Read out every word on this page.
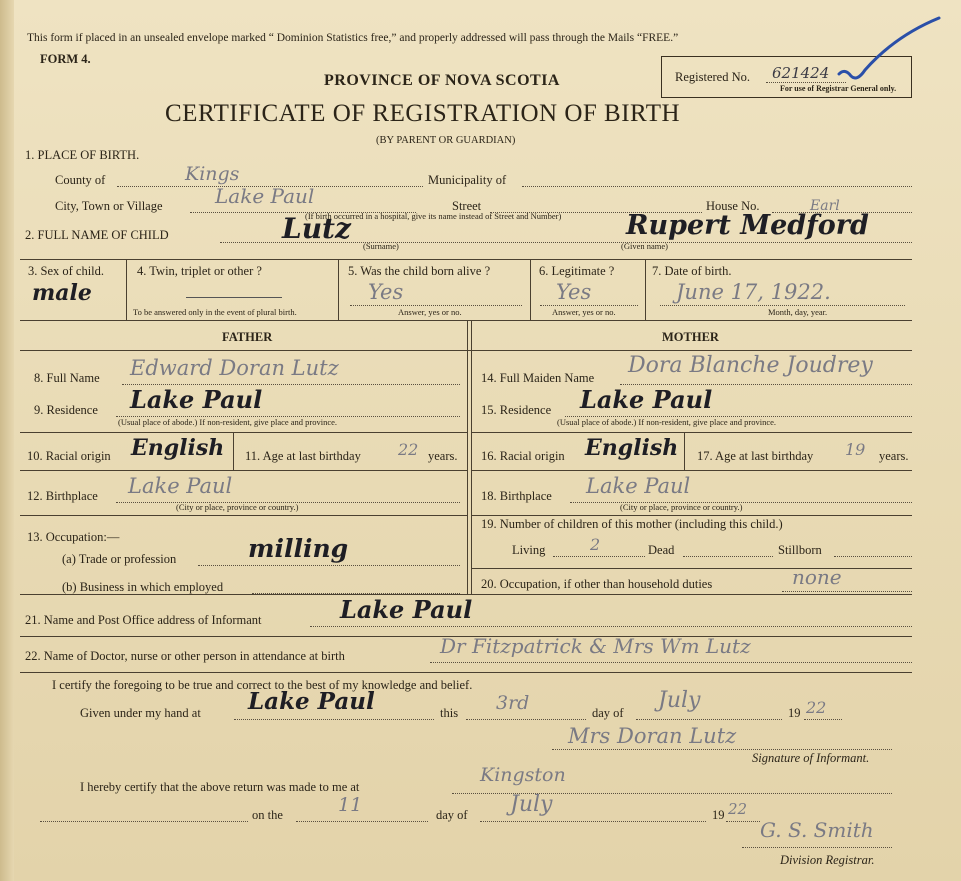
This form if placed in an unsealed envelope marked “ Dominion Statistics free,” and properly addressed will pass through the Mails “FREE.”
FORM 4.
PROVINCE OF NOVA SCOTIA
CERTIFICATE OF REGISTRATION OF BIRTH
(BY PARENT OR GUARDIAN)
Registered No. 621424
For use of Registrar General only.
1. PLACE OF BIRTH.
County of	Kings	Municipality of
City, Town or Village	Lake Paul	Street	House No.
(If birth occurred in a hospital, give its name instead of Street and Number)
2. FULL NAME OF CHILD	Lutz
(Surname)
Rupert Medford
Earl
(Given name)
3. Sex of child.
male
4. Twin, triplet or other ?
To be answered only in the event of plural birth.
5. Was the child born alive ?
Yes
Answer, yes or no.
6. Legitimate ?
Yes
Answer, yes or no.
7. Date of birth.
June 17, 1922.
Month, day, year.
FATHER	MOTHER
8. Full Name Edward Doran Lutz
9. Residence Lake Paul
(Usual place of abode.) If non-resident, give place and province.
10. Racial origin English 11. Age at last birthday 22 years.
12. Birthplace Lake Paul
(City or place, province or country.)
13. Occupation:—
(a) Trade or profession	milling
(b) Business in which employed
14. Full Maiden Name Dora Blanche Joudrey
15. Residence Lake Paul
(Usual place of abode.) If non-resident, give place and province.
16. Racial origin English 17. Age at last birthday 19 years.
18. Birthplace Lake Paul
(City or place, province or country.)
19. Number of children of this mother (including this child.)
Living	2	Dead	Stillborn
20. Occupation, if other than household duties	none
21. Name and Post Office address of Informant	Lake Paul
22. Name of Doctor, nurse or other person in attendance at birth	Dr Fitzpatrick & Mrs Wm Lutz
I certify the foregoing to be true and correct to the best of my knowledge and belief.
Given under my hand at Lake Paul	this 3rd	day of July	19 22
Mrs Doran Lutz
Signature of Informant.
I hereby certify that the above return was made to me at
Kingston
on the	11	day of July	19 22
G. S. Smith
Division Registrar.
